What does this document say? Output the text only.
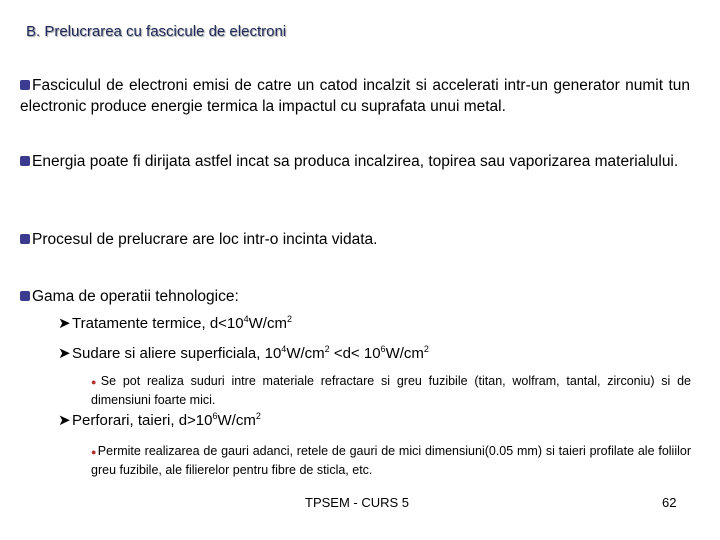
B. Prelucrarea cu fascicule de electroni
Fasciculul de electroni emisi de catre un catod incalzit si accelerati intr-un generator numit tun electronic produce energie termica la impactul cu suprafata unui metal.
Energia poate fi dirijata astfel incat sa produca incalzirea, topirea sau vaporizarea materialului.
Procesul de prelucrare are loc intr-o incinta vidata.
Gama de operatii tehnologice:
➤Tratamente termice, $d<10^4W/cm^2$
➤Sudare si aliere superficiala, $10^4W/cm^2 <d< 10^6W/cm^2$
●Se pot realiza suduri intre materiale refractare si greu fuzibile (titan, wolfram, tantal, zirconiu) si de dimensiuni foarte mici.
➤Perforari, taieri, $d>10^6W/cm^2$
●Permite realizarea de gauri adanci, retele de gauri de mici dimensiuni(0.05 mm) si taieri profilate ale foliilor greu fuzibile, ale filierelor pentru fibre de sticla, etc.
TPSEM - CURS 5	62
